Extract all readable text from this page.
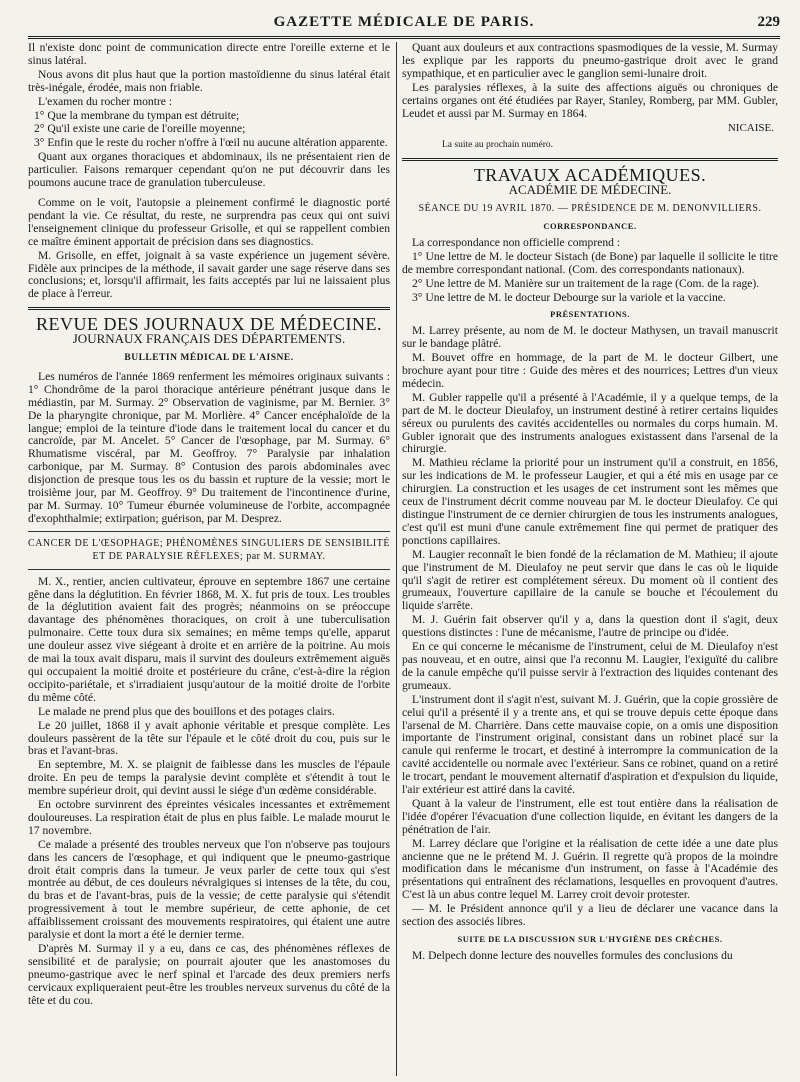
GAZETTE MÉDICALE DE PARIS.	229

Il n'existe donc point de communication directe entre l'oreille externe et le sinus latéral.

Nous avons dit plus haut que la portion mastoïdienne du sinus latéral était très-inégale, érodée, mais non friable.

L'examen du rocher montre :

1° Que la membrane du tympan est détruite;

2° Qu'il existe une carie de l'oreille moyenne;

3° Enfin que le reste du rocher n'offre à l'œil nu aucune altération apparente.

Quant aux organes thoraciques et abdominaux, ils ne présentaient rien de particulier. Faisons remarquer cependant qu'on ne put découvrir dans les poumons aucune trace de granulation tuberculeuse.

Comme on le voit, l'autopsie a pleinement confirmé le diagnostic porté pendant la vie. Ce résultat, du reste, ne surprendra pas ceux qui ont suivi l'enseignement clinique du professeur Grisolle, et qui se rappellent combien ce maître éminent apportait de précision dans ses diagnostics.

M. Grisolle, en effet, joignait à sa vaste expérience un jugement sévère. Fidèle aux principes de la méthode, il savait garder une sage réserve dans ses conclusions; et, lorsqu'il affirmait, les faits acceptés par lui ne laissaient plus de place à l'erreur.

REVUE DES JOURNAUX DE MÉDECINE.
JOURNAUX FRANÇAIS DES DÉPARTEMENTS.
BULLETIN MÉDICAL DE L'AISNE.

Les numéros de l'année 1869 renferment les mémoires originaux suivants : 1° Chondrôme de la paroi thoracique antérieure pénétrant jusque dans le médiastin, par M. Surmay. 2° Observation de vaginisme, par M. Bernier. 3° De la pharyngite chronique, par M. Morlière. 4° Cancer encéphaloïde de la langue; emploi de la teinture d'iode dans le traitement local du cancer et du cancroïde, par M. Ancelet. 5° Cancer de l'œsophage, par M. Surmay. 6° Rhumatisme viscéral, par M. Geoffroy. 7° Paralysie par inhalation carbonique, par M. Surmay. 8° Contusion des parois abdominales avec disjonction de presque tous les os du bassin et rupture de la vessie; mort le troisième jour, par M. Geoffroy. 9° Du traitement de l'incontinence d'urine, par M. Surmay. 10° Tumeur éburnée volumineuse de l'orbite, accompagnée d'exophthalmie; extirpation; guérison, par M. Desprez.

CANCER DE L'ŒSOPHAGE; PHÉNOMÈNES SINGULIERS DE SENSIBILITÉ ET DE PARALYSIE RÉFLEXES; par M. SURMAY.

M. X., rentier, ancien cultivateur, éprouve en septembre 1867 une certaine gêne dans la déglutition. En février 1868, M. X. fut pris de toux. Les troubles de la déglutition avaient fait des progrès; néanmoins on se préoccupe davantage des phénomènes thoraciques, on croit à une tuberculisation pulmonaire. Cette toux dura six semaines; en même temps qu'elle, apparut une douleur assez vive siégeant à droite et en arrière de la poitrine. Au mois de mai la toux avait disparu, mais il survint des douleurs extrêmement aiguës qui occupaient la moitié droite et postérieure du crâne, c'est-à-dire la région occipito-pariétale, et s'irradiaient jusqu'autour de la moitié droite de l'orbite du même côté.

Le malade ne prend plus que des bouillons et des potages clairs.

Le 20 juillet, 1868 il y avait aphonie véritable et presque complète. Les douleurs passèrent de la tête sur l'épaule et le côté droit du cou, puis sur le bras et l'avant-bras.

En septembre, M. X. se plaignit de faiblesse dans les muscles de l'épaule droite. En peu de temps la paralysie devint complète et s'étendit à tout le membre supérieur droit, qui devint aussi le siége d'un œdème considérable.

En octobre survinrent des épreintes vésicales incessantes et extrêmement douloureuses. La respiration était de plus en plus faible. Le malade mourut le 17 novembre.

Ce malade a présenté des troubles nerveux que l'on n'observe pas toujours dans les cancers de l'œsophage, et qui indiquent que le pneumo-gastrique droit était compris dans la tumeur. Je veux parler de cette toux qui s'est montrée au début, de ces douleurs névralgiques si intenses de la tête, du cou, du bras et de l'avant-bras, puis de la vessie; de cette paralysie qui s'étendit progressivement à tout le membre supérieur, de cette aphonie, de cet affaiblissement croissant des mouvements respiratoires, qui étaient une autre paralysie et dont la mort a été le dernier terme.

D'après M. Surmay il y a eu, dans ce cas, des phénomènes réflexes de sensibilité et de paralysie; on pourrait ajouter que les anastomoses du pneumo-gastrique avec le nerf spinal et l'arcade des deux premiers nerfs cervicaux expliqueraient peut-être les troubles nerveux survenus du côté de la tête et du cou.

Quant aux douleurs et aux contractions spasmodiques de la vessie, M. Surmay les explique par les rapports du pneumo-gastrique droit avec le grand sympathique, et en particulier avec le ganglion semi-lunaire droit.

Les paralysies réflexes, à la suite des affections aiguës ou chroniques de certains organes ont été étudiées par Rayer, Stanley, Romberg, par MM. Gubler, Leudet et aussi par M. Surmay en 1864.

NICAISE.
La suite au prochain numéro.
TRAVAUX ACADÉMIQUES.
ACADÉMIE DE MÉDECINE.
SÉANCE DU 19 AVRIL 1870. — PRÉSIDENCE DE M. DENONVILLIERS.
CORRESPONDANCE.

La correspondance non officielle comprend :

1° Une lettre de M. le docteur Sistach (de Bone) par laquelle il sollicite le titre de membre correspondant national. (Com. des correspondants nationaux).

2° Une lettre de M. Manière sur un traitement de la rage (Com. de la rage).

3° Une lettre de M. le docteur Debourge sur la variole et la vaccine.

PRÉSENTATIONS.

M. Larrey présente, au nom de M. le docteur Mathysen, un travail manuscrit sur le bandage plâtré.

M. Bouvet offre en hommage, de la part de M. le docteur Gilbert, une brochure ayant pour titre : Guide des mères et des nourrices; Lettres d'un vieux médecin.

M. Gubler rappelle qu'il a présenté à l'Académie, il y a quelque temps, de la part de M. le docteur Dieulafoy, un instrument destiné à retirer certains liquides séreux ou purulents des cavités accidentelles ou normales du corps humain. M. Gubler ignorait que des instruments analogues existassent dans l'arsenal de la chirurgie.

M. Mathieu réclame la priorité pour un instrument qu'il a construit, en 1856, sur les indications de M. le professeur Laugier, et qui a été mis en usage par ce chirurgien. La construction et les usages de cet instrument sont les mêmes que ceux de l'instrument décrit comme nouveau par M. le docteur Dieulafoy. Ce qui distingue l'instrument de ce dernier chirurgien de tous les instruments analogues, c'est qu'il est muni d'une canule extrêmement fine qui permet de pratiquer des ponctions capillaires.

M. Laugier reconnaît le bien fondé de la réclamation de M. Mathieu; il ajoute que l'instrument de M. Dieulafoy ne peut servir que dans le cas où le liquide qu'il s'agit de retirer est complétement séreux. Du moment où il contient des grumeaux, l'ouverture capillaire de la canule se bouche et l'écoulement du liquide s'arrête.

M. J. Guérin fait observer qu'il y a, dans la question dont il s'agit, deux questions distinctes : l'une de mécanisme, l'autre de principe ou d'idée.

En ce qui concerne le mécanisme de l'instrument, celui de M. Dieulafoy n'est pas nouveau, et en outre, ainsi que l'a reconnu M. Laugier, l'exiguïté du calibre de la canule empêche qu'il puisse servir à l'extraction des liquides contenant des grumeaux.

L'instrument dont il s'agit n'est, suivant M. J. Guérin, que la copie grossière de celui qu'il a présenté il y a trente ans, et qui se trouve depuis cette époque dans l'arsenal de M. Charrière. Dans cette mauvaise copie, on a omis une disposition importante de l'instrument original, consistant dans un robinet placé sur la canule qui renferme le trocart, et destiné à interrompre la communication de la cavité accidentelle ou normale avec l'extérieur. Sans ce robinet, quand on a retiré le trocart, pendant le mouvement alternatif d'aspiration et d'expulsion du liquide, l'air extérieur est attiré dans la cavité.

Quant à la valeur de l'instrument, elle est tout entière dans la réalisation de l'idée d'opérer l'évacuation d'une collection liquide, en évitant les dangers de la pénétration de l'air.

M. Larrey déclare que l'origine et la réalisation de cette idée a une date plus ancienne que ne le prétend M. J. Guérin. Il regrette qu'à propos de la moindre modification dans le mécanisme d'un instrument, on fasse à l'Académie des présentations qui entraînent des réclamations, lesquelles en provoquent d'autres. C'est là un abus contre lequel M. Larrey croit devoir protester.

— M. le Président annonce qu'il y a lieu de déclarer une vacance dans la section des associés libres.

SUITE DE LA DISCUSSION SUR L'HYGIÈNE DES CRÈCHES.

M. Delpech donne lecture des nouvelles formules des conclusions du
